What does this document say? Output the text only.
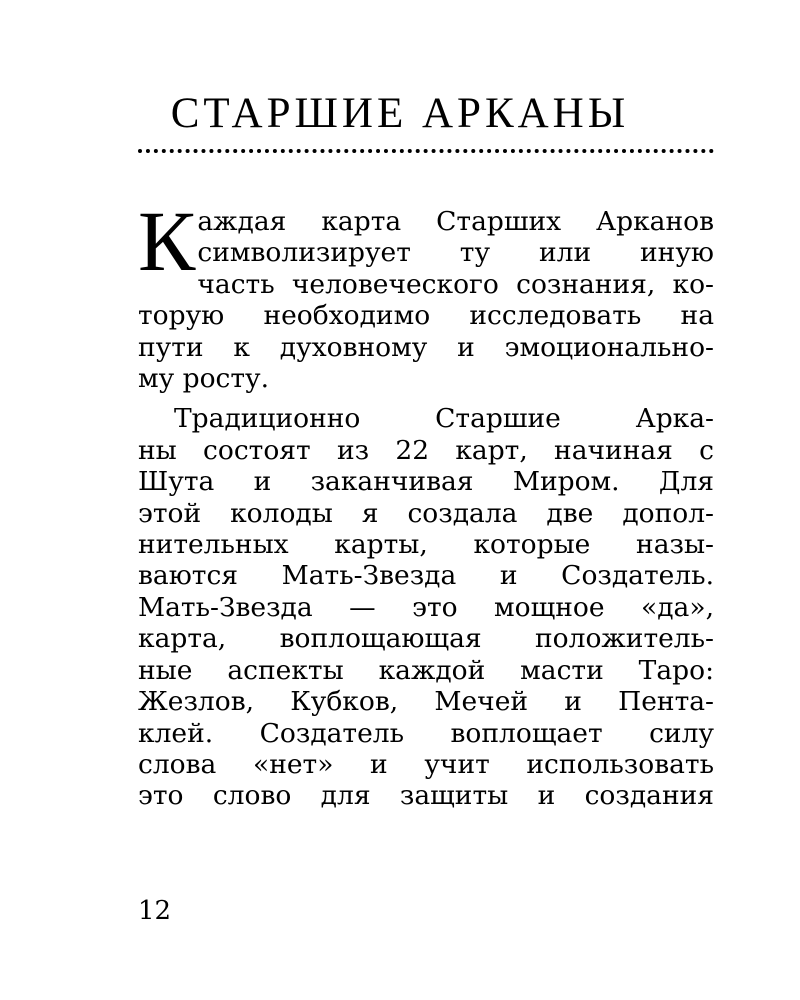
СТАРШИЕ АРКАНЫ
К аждая карта Старших Арканов
символизирует ту или иную
часть человеческого сознания, ко-
торую необходимо исследовать на
пути к духовному и эмоционально-
му росту.
Традиционно Старшие Арка-
ны состоят из 22 карт, начиная с
Шута и заканчивая Миром. Для
этой колоды я создала две допол-
нительных карты, которые назы-
ваются Мать-Звезда и Создатель.
Мать-Звезда — это мощное «да»,
карта, воплощающая положитель-
ные аспекты каждой масти Таро:
Жезлов, Кубков, Мечей и Пента-
клей. Создатель воплощает силу
слова «нет» и учит использовать
это слово для защиты и создания
12
